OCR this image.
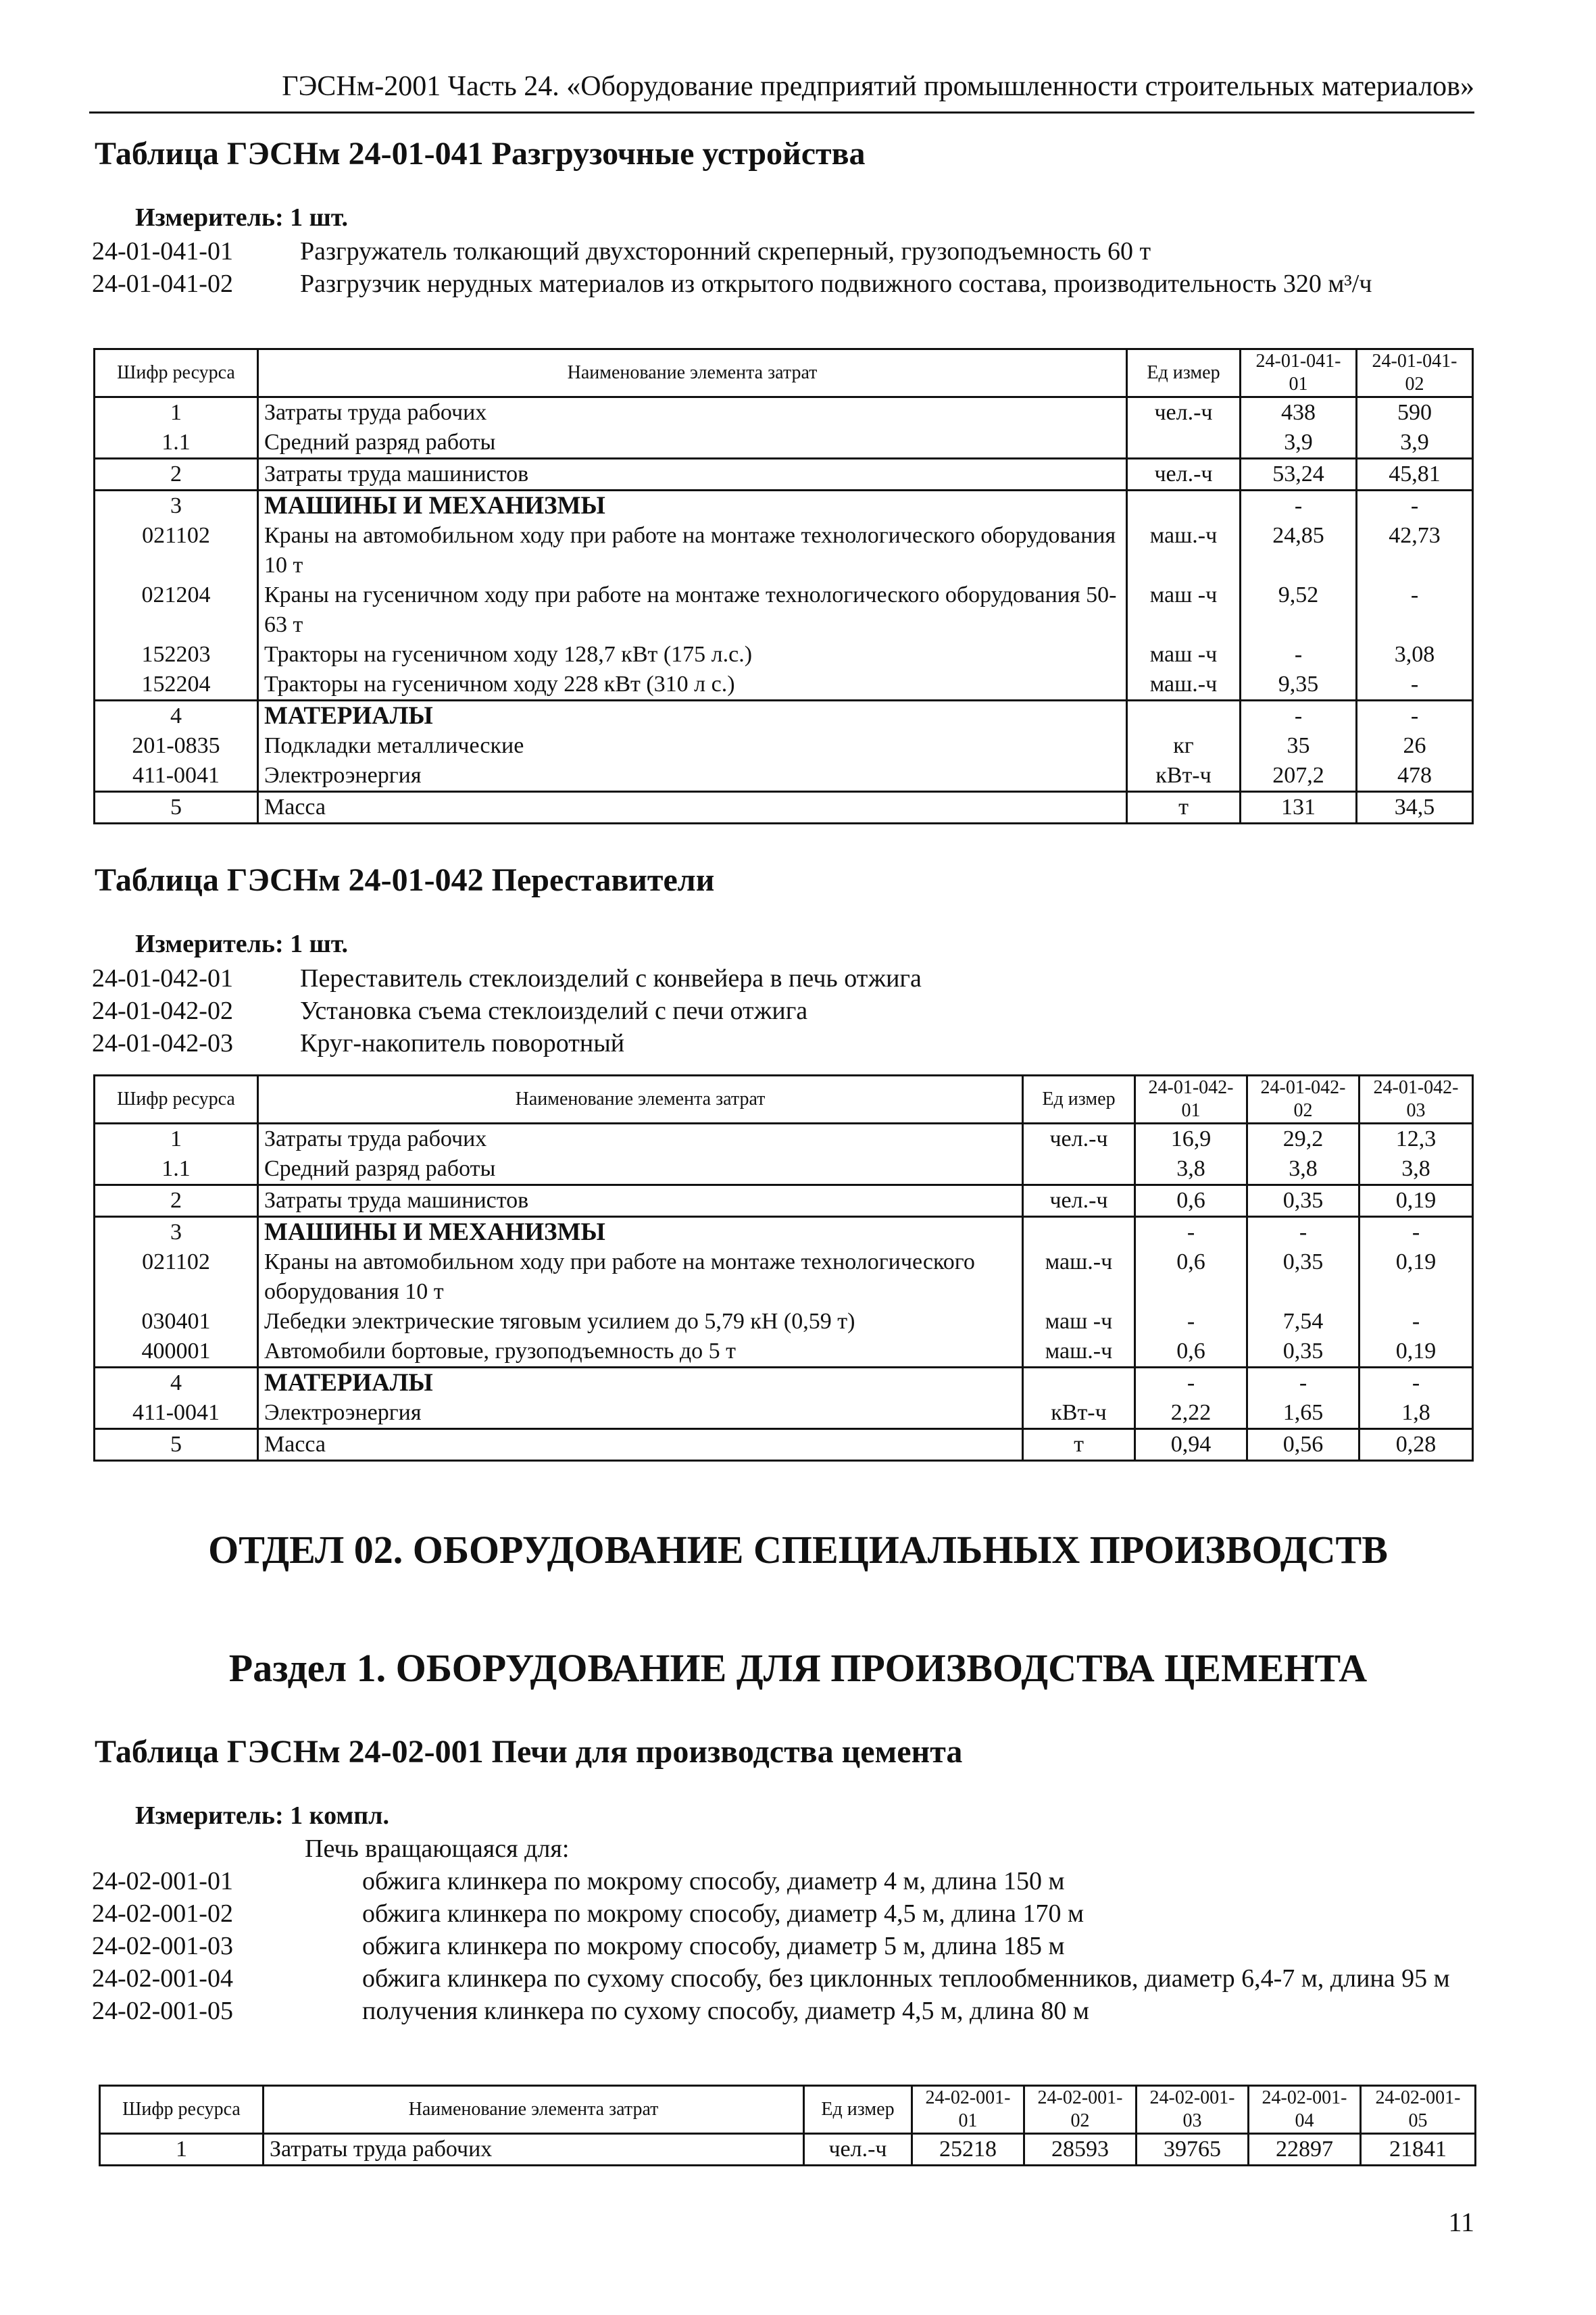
ГЭСНм-2001 Часть 24. «Оборудование предприятий промышленности строительных материалов»
Таблица ГЭСНм 24-01-041 Разгрузочные устройства
Измеритель: 1 шт.
24-01-041-01	Разгружатель толкающий двухсторонний скреперный, грузоподъемность 60 т
24-01-041-02	Разгрузчик нерудных материалов из открытого подвижного состава, производительность 320 м³/ч
Шифр ресурса	Наименование элемента затрат	Ед измер	24-01-041-01	24-01-041-02
1	Затраты труда рабочих	чел.-ч	438	590
1.1	Средний разряд работы		3,9	3,9
2	Затраты труда машинистов	чел.-ч	53,24	45,81
3	МАШИНЫ И МЕХАНИЗМЫ		-	-
021102	Краны на автомобильном ходу при работе на монтаже технологического оборудования 10 т	маш.-ч	24,85	42,73
021204	Краны на гусеничном ходу при работе на монтаже технологического оборудования 50-63 т	маш -ч	9,52	-
152203	Тракторы на гусеничном ходу 128,7 кВт (175 л.с.)	маш -ч	-	3,08
152204	Тракторы на гусеничном ходу 228 кВт (310 л с.)	маш.-ч	9,35	-
4	МАТЕРИАЛЫ		-	-
201-0835	Подкладки металлические	кг	35	26
411-0041	Электроэнергия	кВт-ч	207,2	478
5	Масса	т	131	34,5
Таблица ГЭСНм 24-01-042 Переставители
Измеритель: 1 шт.
24-01-042-01	Переставитель стеклоизделий с конвейера в печь отжига
24-01-042-02	Установка съема стеклоизделий с печи отжига
24-01-042-03	Круг-накопитель поворотный
Шифр ресурса	Наименование элемента затрат	Ед измер	24-01-042-01	24-01-042-02	24-01-042-03
1	Затраты труда рабочих	чел.-ч	16,9	29,2	12,3
1.1	Средний разряд работы		3,8	3,8	3,8
2	Затраты труда машинистов	чел.-ч	0,6	0,35	0,19
3	МАШИНЫ И МЕХАНИЗМЫ		-	-	-
021102	Краны на автомобильном ходу при работе на монтаже технологического оборудования 10 т	маш.-ч	0,6	0,35	0,19
030401	Лебедки электрические тяговым усилием до 5,79 кН (0,59 т)	маш -ч	-	7,54	-
400001	Автомобили бортовые, грузоподъемность до 5 т	маш.-ч	0,6	0,35	0,19
4	МАТЕРИАЛЫ		-	-	-
411-0041	Электроэнергия	кВт-ч	2,22	1,65	1,8
5	Масса	т	0,94	0,56	0,28
ОТДЕЛ 02. ОБОРУДОВАНИЕ СПЕЦИАЛЬНЫХ ПРОИЗВОДСТВ
Раздел 1. ОБОРУДОВАНИЕ ДЛЯ ПРОИЗВОДСТВА ЦЕМЕНТА
Таблица ГЭСНм 24-02-001 Печи для производства цемента
Измеритель: 1 компл.
Печь вращающаяся для:
24-02-001-01	обжига клинкера по мокрому способу, диаметр 4 м, длина 150 м
24-02-001-02	обжига клинкера по мокрому способу, диаметр 4,5 м, длина 170 м
24-02-001-03	обжига клинкера по мокрому способу, диаметр 5 м, длина 185 м
24-02-001-04	обжига клинкера по сухому способу, без циклонных теплообменников, диаметр 6,4-7 м, длина 95 м
24-02-001-05	получения клинкера по сухому способу, диаметр 4,5 м, длина 80 м
Шифр ресурса	Наименование элемента затрат	Ед измер	24-02-001-01	24-02-001-02	24-02-001-03	24-02-001-04	24-02-001-05
1	Затраты труда рабочих	чел.-ч	25218	28593	39765	22897	21841
11
